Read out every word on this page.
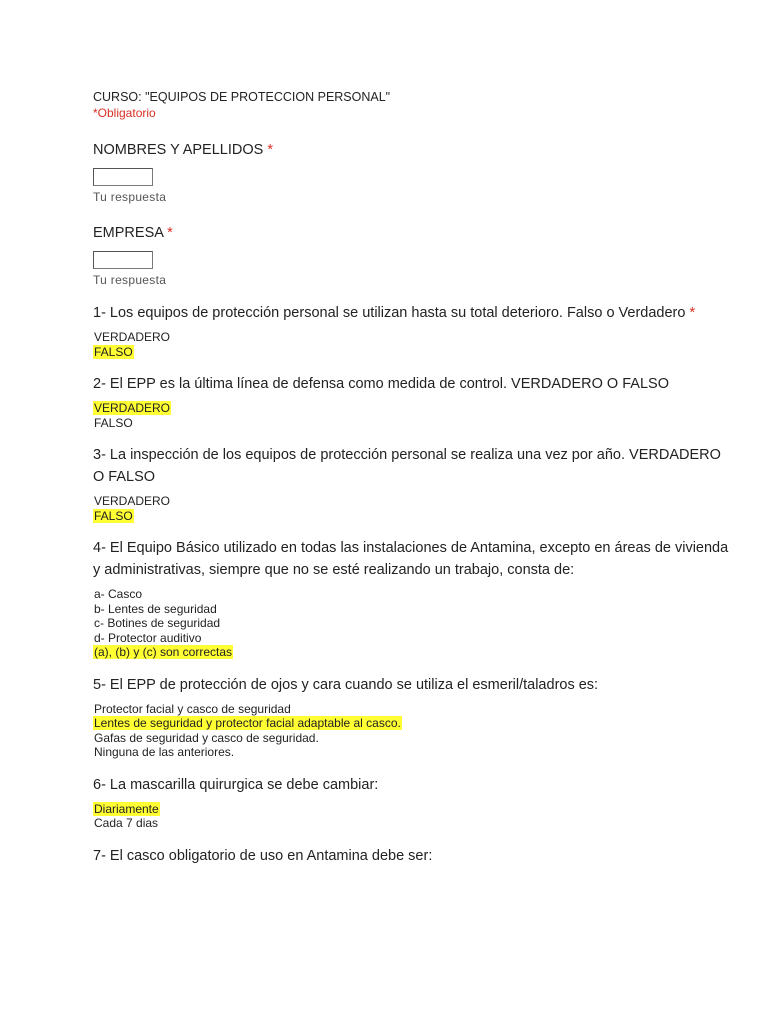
CURSO: "EQUIPOS DE PROTECCION PERSONAL"
*Obligatorio
NOMBRES Y APELLIDOS *
Tu respuesta
EMPRESA *
Tu respuesta
1- Los equipos de protección personal se utilizan hasta su total deterioro. Falso o Verdadero *
VERDADERO
FALSO
2- El EPP es la última línea de defensa como medida de control. VERDADERO O FALSO
VERDADERO
FALSO
3- La inspección de los equipos de protección personal se realiza una vez por año. VERDADERO O FALSO
VERDADERO
FALSO
4- El Equipo Básico utilizado en todas las instalaciones de Antamina, excepto en áreas de vivienda y administrativas, siempre que no se esté realizando un trabajo, consta de:
a- Casco
b- Lentes de seguridad
c- Botines de seguridad
d- Protector auditivo
(a), (b) y (c) son correctas
5- El EPP de protección de ojos y cara cuando se utiliza el esmeril/taladros es:
Protector facial y casco de seguridad
Lentes de seguridad y protector facial adaptable al casco.
Gafas de seguridad y casco de seguridad.
Ninguna de las anteriores.
6- La mascarilla quirurgica se debe cambiar:
Diariamente
Cada 7 dias
7- El casco obligatorio de uso en Antamina debe ser:
